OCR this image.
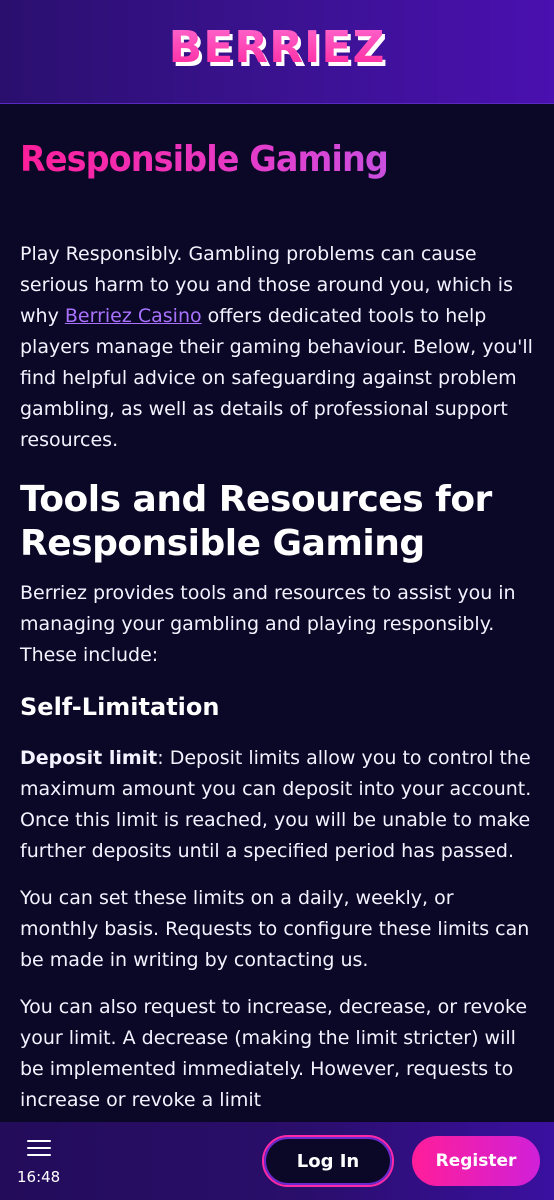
BERRIEZ
Responsible Gaming

Play Responsibly. Gambling problems can cause serious harm to you and those around you, which is why Berriez Casino offers dedicated tools to help players manage their gaming behaviour. Below, you'll find helpful advice on safeguarding against problem gambling, as well as details of professional support resources.

Tools and Resources for Responsible Gaming

Berriez provides tools and resources to assist you in managing your gambling and playing responsibly. These include:

Self-Limitation

Deposit limit: Deposit limits allow you to control the maximum amount you can deposit into your account. Once this limit is reached, you will be unable to make further deposits until a specified period has passed.

You can set these limits on a daily, weekly, or monthly basis. Requests to configure these limits can be made in writing by contacting us.

You can also request to increase, decrease, or revoke your limit. A decrease (making the limit stricter) will be implemented immediately. However, requests to increase or revoke a limit

16:48
Log In	Register
